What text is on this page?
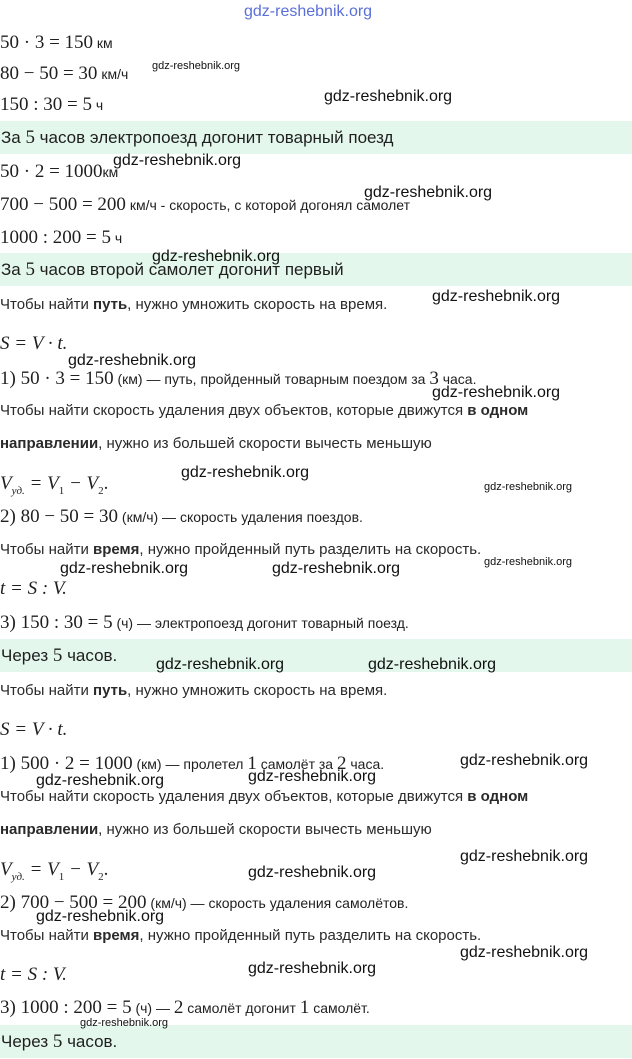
gdz-reshebnik.org
50 · 3 = 150 км
80 − 50 = 30 км/ч
150 : 30 = 5 ч
За 5 часов электропоезд догонит товарный поезд
50 · 2 = 1000км
700 − 500 = 200 км/ч - скорость, с которой догонял самолет
1000 : 200 = 5 ч
За 5 часов второй самолет догонит первый
Чтобы найти путь, нужно умножить скорость на время.
S = V · t.
1) 50 · 3 = 150 (км) — путь, пройденный товарным поездом за 3 часа.
Чтобы найти скорость удаления двух объектов, которые движутся в одном
направлении, нужно из большей скорости вычесть меньшую
$V_{уд.} = V_1 - V_2$.
2) 80 − 50 = 30 (км/ч) — скорость удаления поездов.
Чтобы найти время, нужно пройденный путь разделить на скорость.
t = S : V.
3) 150 : 30 = 5 (ч) — электропоезд догонит товарный поезд.
Через 5 часов.
Чтобы найти путь, нужно умножить скорость на время.
S = V · t.
1) 500 · 2 = 1000 (км) — пролетел 1 самолёт за 2 часа.
Чтобы найти скорость удаления двух объектов, которые движутся в одном
направлении, нужно из большей скорости вычесть меньшую
$V_{уд.} = V_1 - V_2$.
2) 700 − 500 = 200 (км/ч) — скорость удаления самолётов.
Чтобы найти время, нужно пройденный путь разделить на скорость.
t = S : V.
3) 1000 : 200 = 5 (ч) — 2 самолёт догонит 1 самолёт.
Через 5 часов.
gdz-reshebnik.org
gdz-reshebnik.org
gdz-reshebnik.org
gdz-reshebnik.org
gdz-reshebnik.org
gdz-reshebnik.org
gdz-reshebnik.org
gdz-reshebnik.org
gdz-reshebnik.org
gdz-reshebnik.org
gdz-reshebnik.org
gdz-reshebnik.org	gdz-reshebnik.org
gdz-reshebnik.org	gdz-reshebnik.org
gdz-reshebnik.org
gdz-reshebnik.org	gdz-reshebnik.org
gdz-reshebnik.org
gdz-reshebnik.org
gdz-reshebnik.org
gdz-reshebnik.org
gdz-reshebnik.org
gdz-reshebnik.org
